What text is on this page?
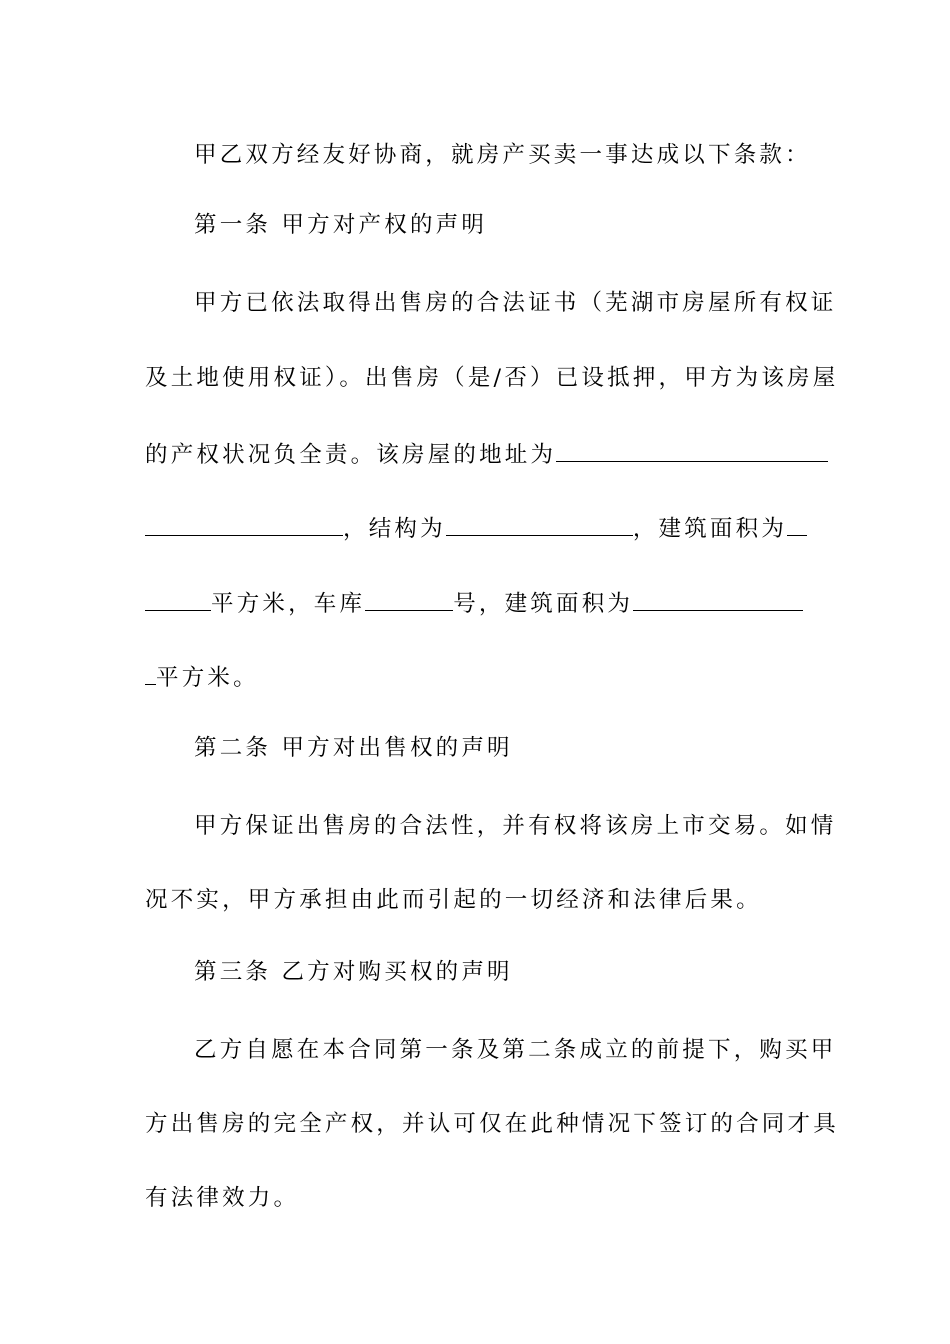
甲乙双方经友好协商，就房产买卖一事达成以下条款：
第一条 甲方对产权的声明
甲方已依法取得出售房的合法证书（芜湖市房屋所有权证
及土地使用权证）。出售房（是/否）已设抵押，甲方为该房屋
的产权状况负全责。该房屋的地址为
，结构为	，建筑面积为
平方米，车库	号，建筑面积为
平方米。
第二条 甲方对出售权的声明
甲方保证出售房的合法性，并有权将该房上市交易。如情
况不实，甲方承担由此而引起的一切经济和法律后果。
第三条 乙方对购买权的声明
乙方自愿在本合同第一条及第二条成立的前提下，购买甲
方出售房的完全产权，并认可仅在此种情况下签订的合同才具
有法律效力。
